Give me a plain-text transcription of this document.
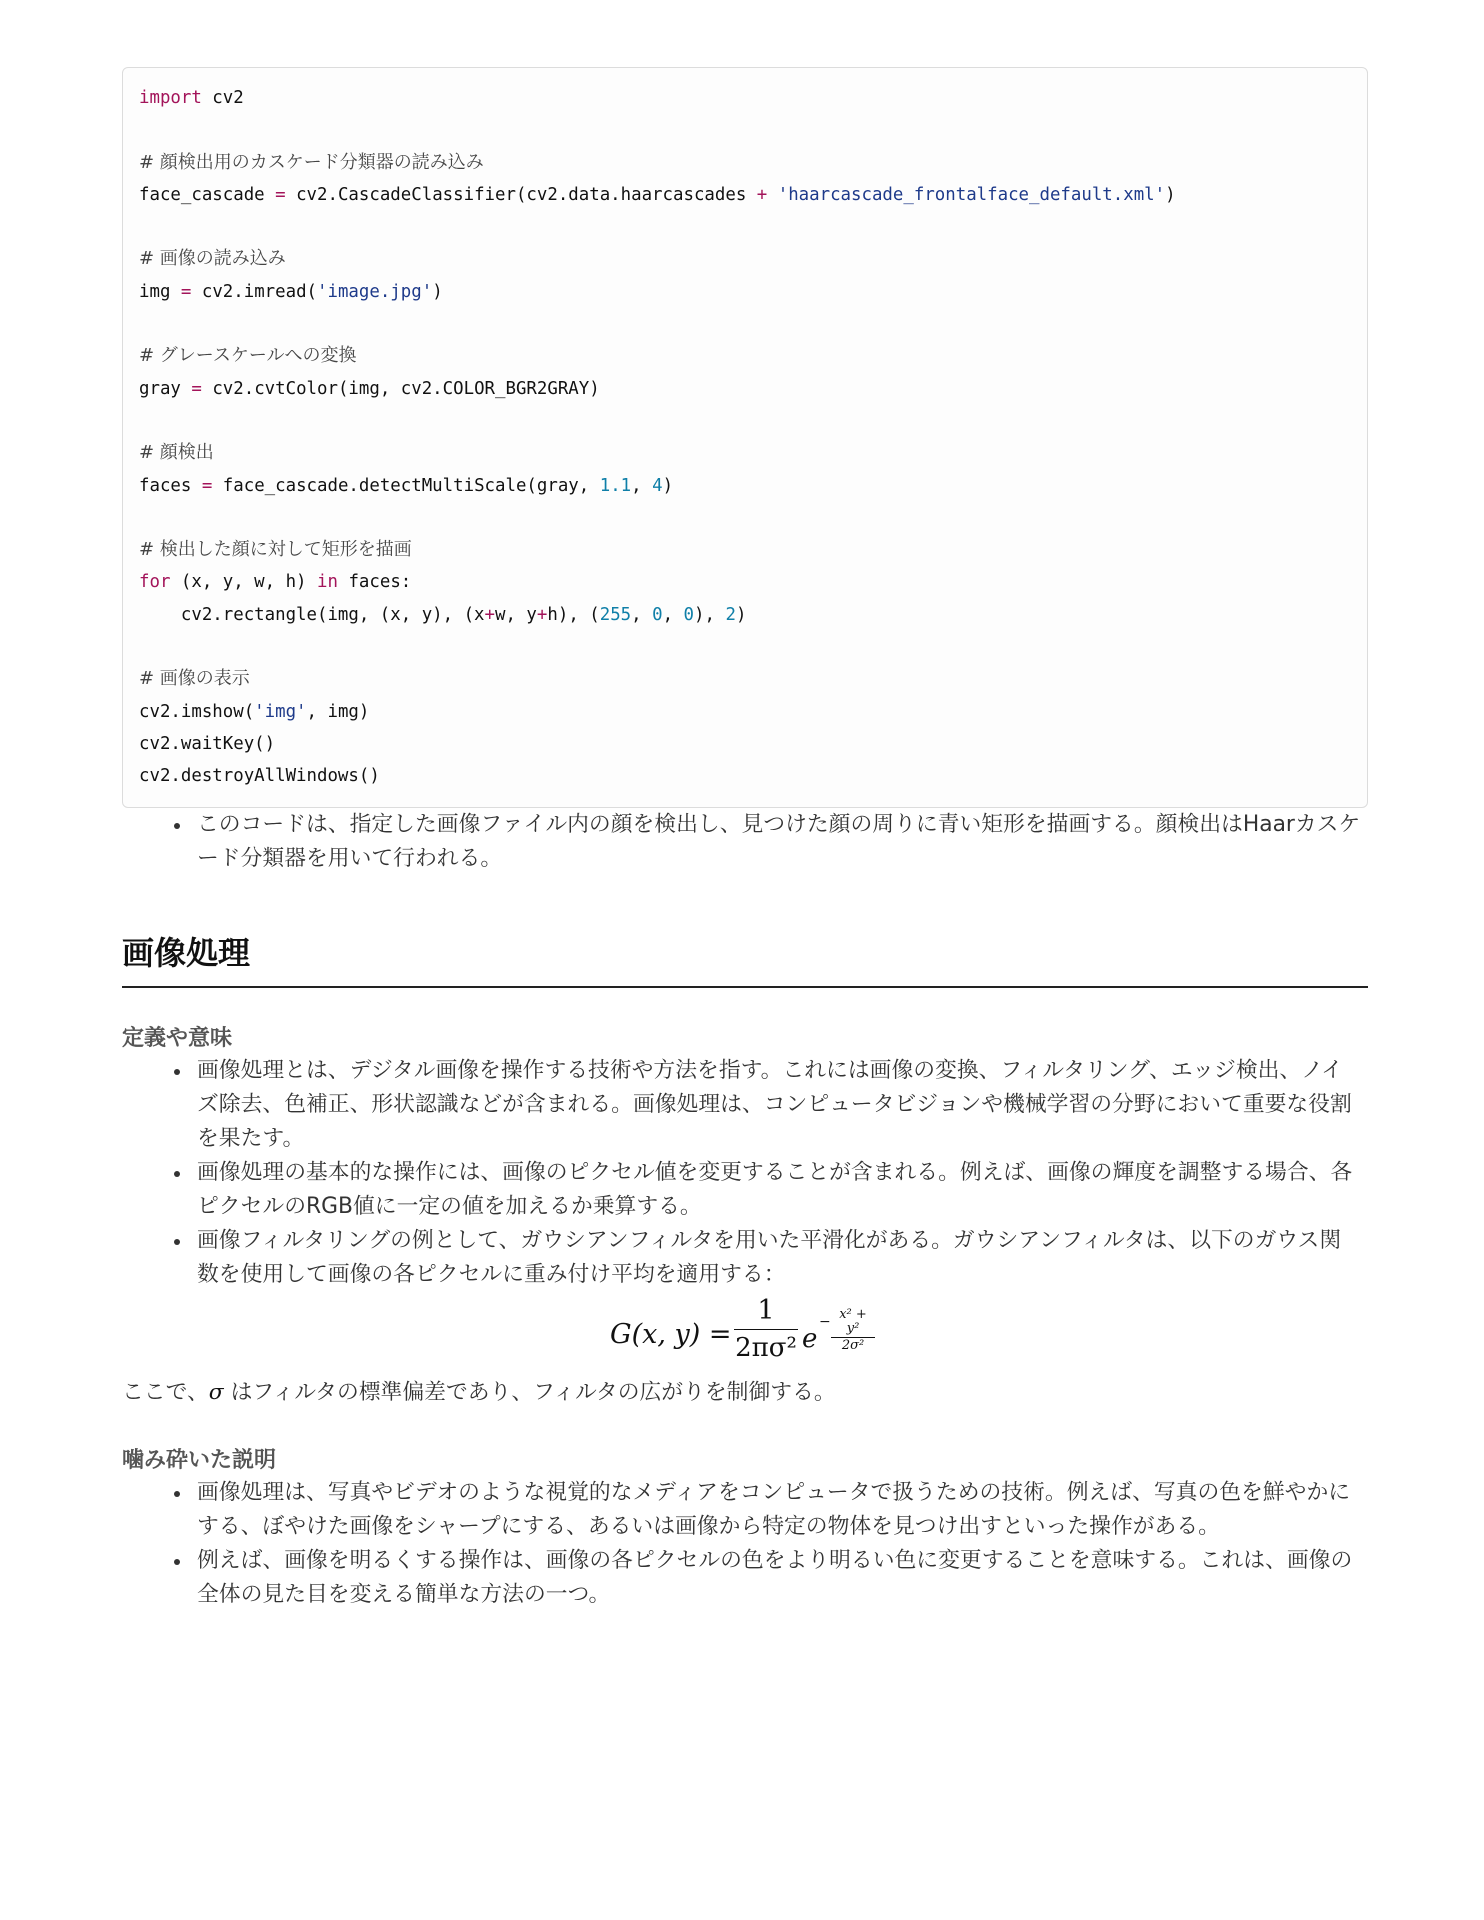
import cv2

# 顔検出用のカスケード分類器の読み込み
face_cascade = cv2.CascadeClassifier(cv2.data.haarcascades + 'haarcascade_frontalface_default.xml')

# 画像の読み込み
img = cv2.imread('image.jpg')

# グレースケールへの変換
gray = cv2.cvtColor(img, cv2.COLOR_BGR2GRAY)

# 顔検出
faces = face_cascade.detectMultiScale(gray, 1.1, 4)

# 検出した顔に対して矩形を描画
for (x, y, w, h) in faces:
cv2.rectangle(img, (x, y), (x+w, y+h), (255, 0, 0), 2)

# 画像の表示
cv2.imshow('img', img)
cv2.waitKey()
cv2.destroyAllWindows()
このコードは、指定した画像ファイル内の顔を検出し、見つけた顔の周りに青い矩形を描画する。顔検出はHaarカスケード分類器を用いて行われる。
画像処理
定義や意味
画像処理とは、デジタル画像を操作する技術や方法を指す。これには画像の変換、フィルタリング、エッジ検出、ノイズ除去、色補正、形状認識などが含まれる。画像処理は、コンピュータビジョンや機械学習の分野において重要な役割を果たす。
画像処理の基本的な操作には、画像のピクセル値を変更することが含まれる。例えば、画像の輝度を調整する場合、各ピクセルのRGB値に一定の値を加えるか乗算する。
画像フィルタリングの例として、ガウシアンフィルタを用いた平滑化がある。ガウシアンフィルタは、以下のガウス関数を使用して画像の各ピクセルに重み付け平均を適用する：
G(x, y) =
1
2πσ² e
− x² + y²
2σ²

ここで、σ はフィルタの標準偏差であり、フィルタの広がりを制御する。

噛み砕いた説明
画像処理は、写真やビデオのような視覚的なメディアをコンピュータで扱うための技術。例えば、写真の色を鮮やかにする、ぼやけた画像をシャープにする、あるいは画像から特定の物体を見つけ出すといった操作がある。
例えば、画像を明るくする操作は、画像の各ピクセルの色をより明るい色に変更することを意味する。これは、画像の全体の見た目を変える簡単な方法の一つ。
